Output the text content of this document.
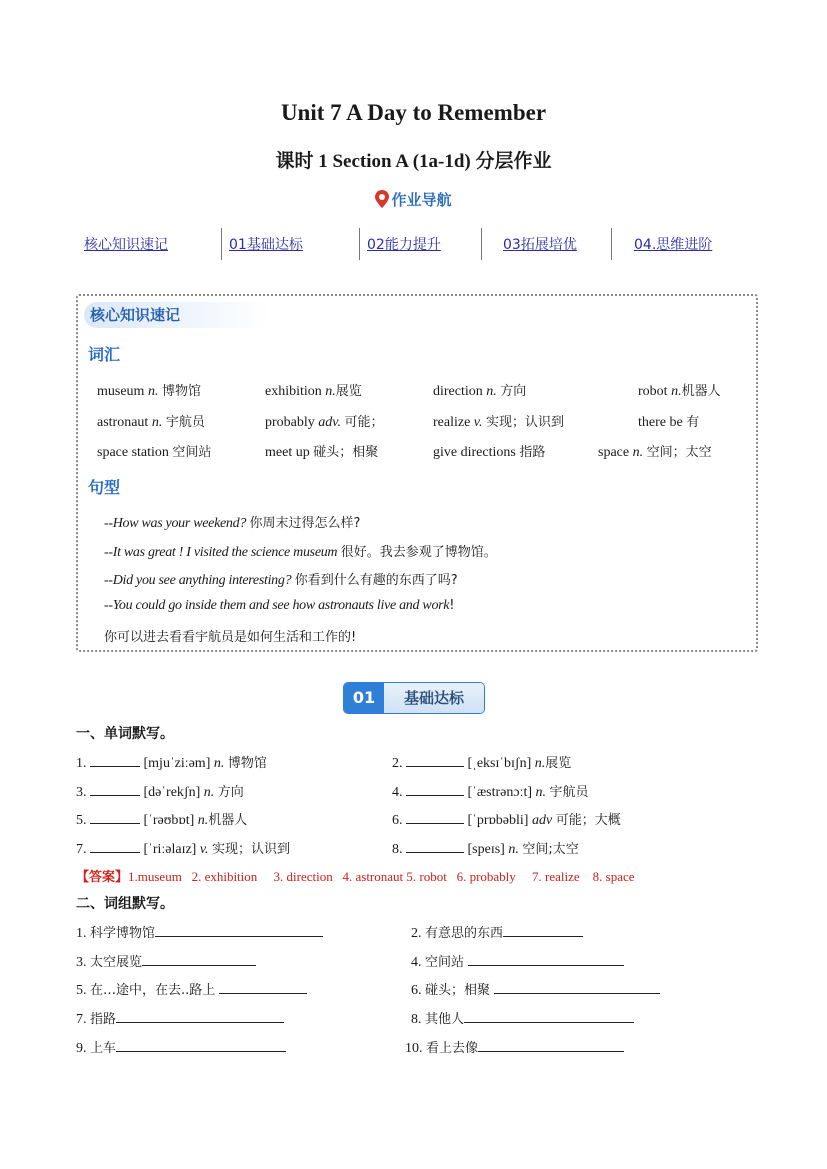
Unit 7 A Day to Remember
课时 1 Section A (1a-1d) 分层作业
作业导航
核心知识速记	01基础达标	02能力提升	03拓展培优	04.思维进阶
核心知识速记
词汇
museum n. 博物馆	exhibition n.展览	direction n. 方向	robot n.机器人
astronaut n. 宇航员	probably adv. 可能；	realize v. 实现；认识到	there be 有
space station 空间站	meet up 碰头；相聚	give directions 指路	space n. 空间；太空
句型
--How was your weekend? 你周末过得怎么样?
--It was great ! I visited the science museum 很好。我去参观了博物馆。
--Did you see anything interesting? 你看到什么有趣的东西了吗?
--You could go inside them and see how astronauts live and work!
你可以进去看看宇航员是如何生活和工作的!
01	基础达标
一、单词默写。
1.	[mjuˈziːəm] n. 博物馆	2.	[ˌeksɪˈbɪʃn] n.展览
3.	[dəˈrekʃn] n. 方向	4.	[ˈæstrənɔːt] n. 宇航员
5.	[ˈrəʊbɒt] n.机器人	6.	[ˈprɒbəbli] adv 可能；大概
7.	[ˈriːəlaɪz] v. 实现；认识到	8.	[speɪs] n. 空间;太空
【答案】1.museum   2. exhibition     3. direction   4. astronaut 5. robot   6. probably     7. realize    8. space
二、词组默写。
1. 科学博物馆	2. 有意思的东西
3. 太空展览	4. 空间站
5. 在…途中，在去..路上	6. 碰头；相聚
7. 指路	8. 其他人
9. 上车	10. 看上去像
